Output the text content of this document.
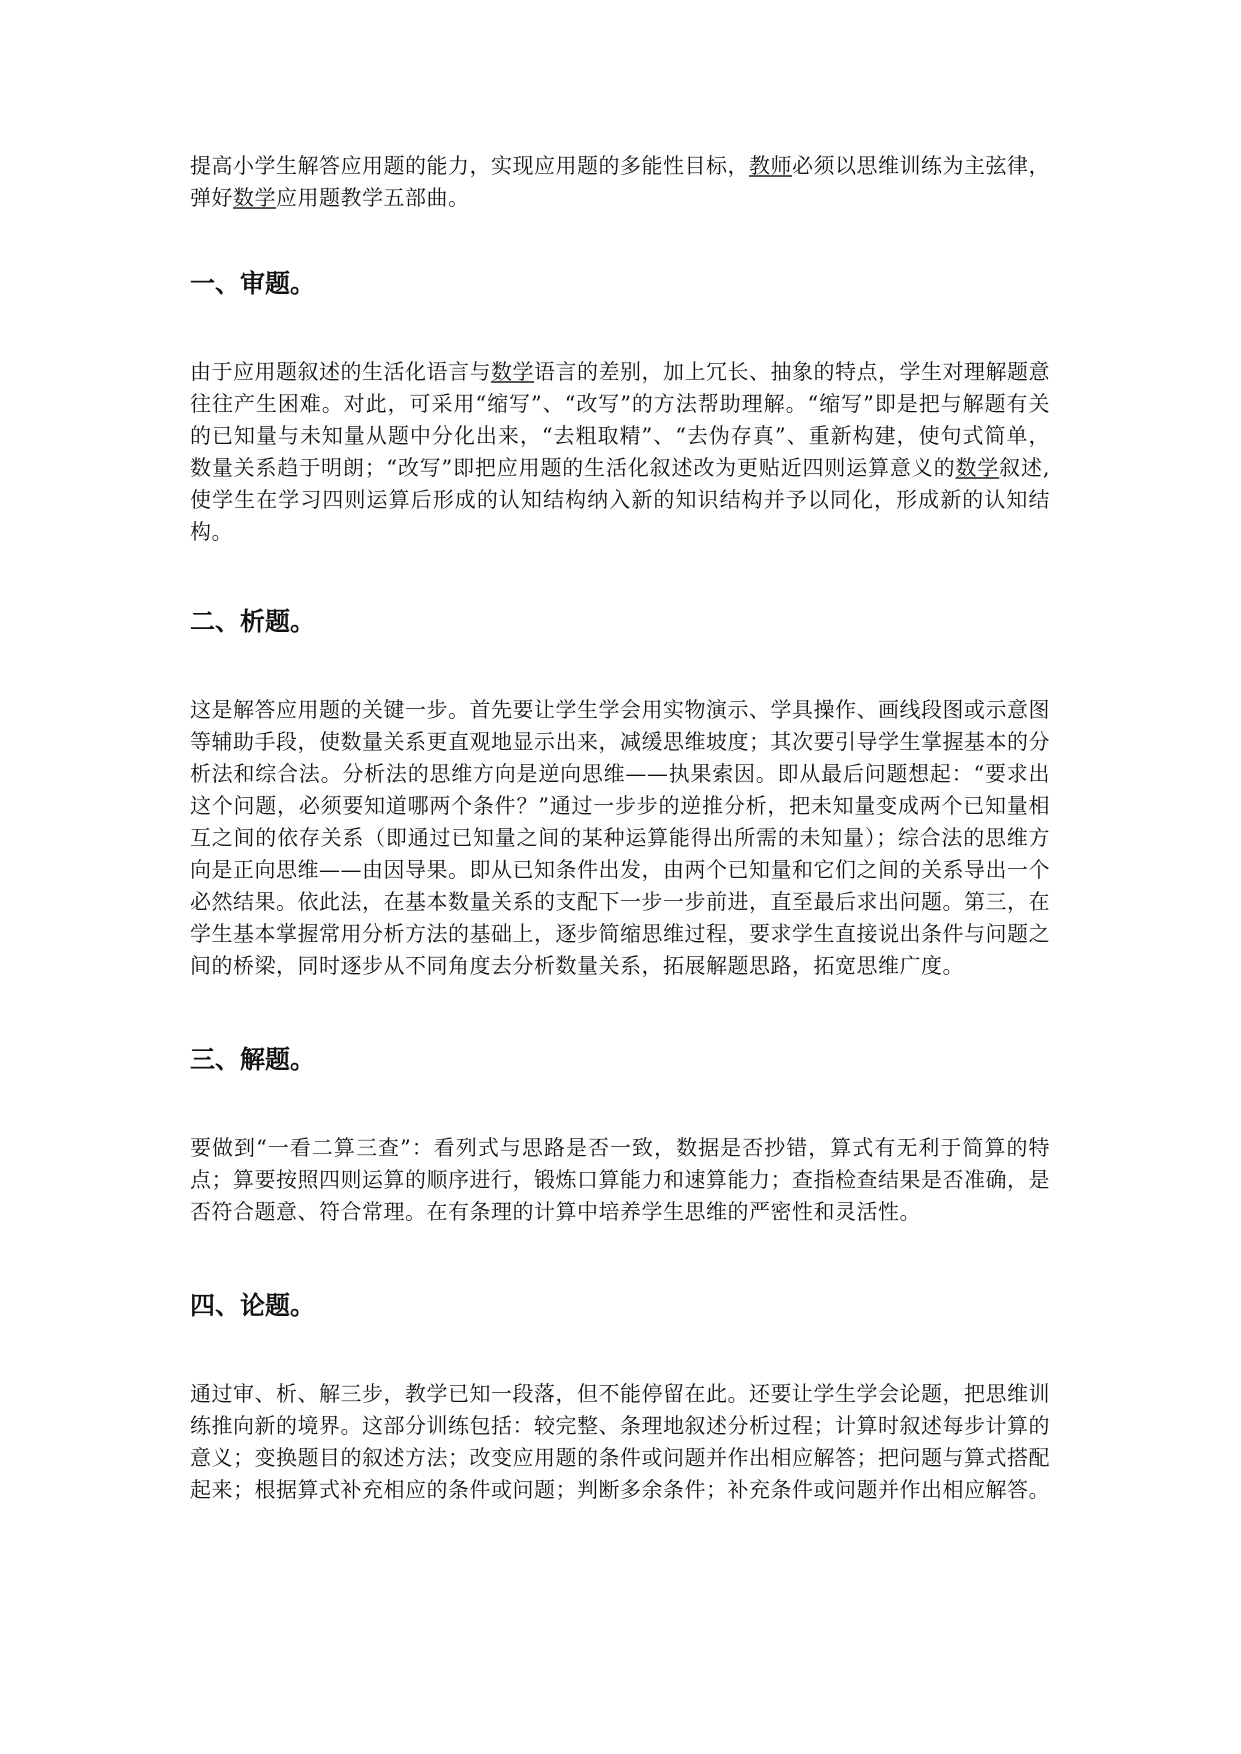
提高小学生解答应用题的能力，实现应用题的多能性目标，教师必须以思维训练为主弦律，弹好数学应用题教学五部曲。

一、审题。

由于应用题叙述的生活化语言与数学语言的差别，加上冗长、抽象的特点，学生对理解题意往往产生困难。对此，可采用“缩写”、“改写”的方法帮助理解。“缩写”即是把与解题有关的已知量与未知量从题中分化出来，“去粗取精”、“去伪存真”、重新构建，使句式简单，数量关系趋于明朗；“改写”即把应用题的生活化叙述改为更贴近四则运算意义的数学叙述,使学生在学习四则运算后形成的认知结构纳入新的知识结构并予以同化，形成新的认知结构。

二、析题。

这是解答应用题的关键一步。首先要让学生学会用实物演示、学具操作、画线段图或示意图等辅助手段，使数量关系更直观地显示出来，减缓思维坡度；其次要引导学生掌握基本的分析法和综合法。分析法的思维方向是逆向思维——执果索因。即从最后问题想起：“要求出这个问题，必须要知道哪两个条件？”通过一步步的逆推分析，把未知量变成两个已知量相互之间的依存关系（即通过已知量之间的某种运算能得出所需的未知量）；综合法的思维方向是正向思维——由因导果。即从已知条件出发，由两个已知量和它们之间的关系导出一个必然结果。依此法，在基本数量关系的支配下一步一步前进，直至最后求出问题。第三，在学生基本掌握常用分析方法的基础上，逐步简缩思维过程，要求学生直接说出条件与问题之间的桥梁，同时逐步从不同角度去分析数量关系，拓展解题思路，拓宽思维广度。

三、解题。

要做到“一看二算三查”：看列式与思路是否一致，数据是否抄错，算式有无利于简算的特点；算要按照四则运算的顺序进行，锻炼口算能力和速算能力；查指检查结果是否准确，是否符合题意、符合常理。在有条理的计算中培养学生思维的严密性和灵活性。

四、论题。

通过审、析、解三步，教学已知一段落，但不能停留在此。还要让学生学会论题，把思维训练推向新的境界。这部分训练包括：较完整、条理地叙述分析过程；计算时叙述每步计算的意义；变换题目的叙述方法；改变应用题的条件或问题并作出相应解答；把问题与算式搭配起来；根据算式补充相应的条件或问题；判断多余条件；补充条件或问题并作出相应解答。
